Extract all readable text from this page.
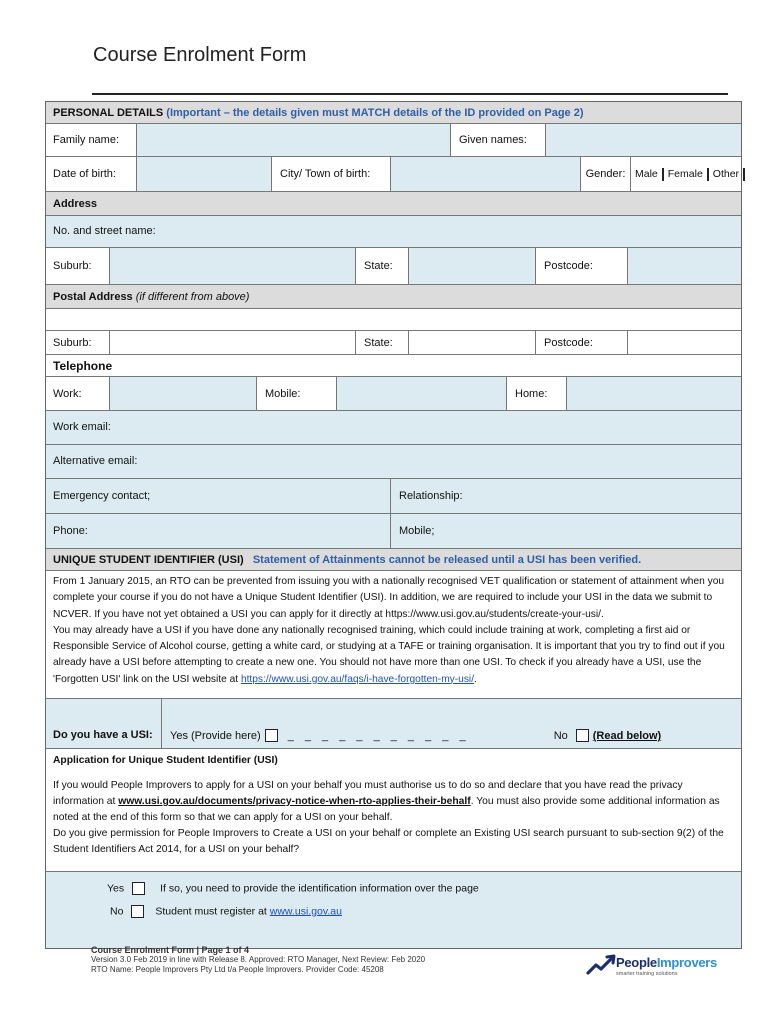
Course Enrolment Form
PERSONAL DETAILS
(Important – the details given must MATCH details of the ID provided on Page 2)
Family name:	Given names:
Date of birth:	City/ Town of birth:	Gender: Male Female Other
Address
No. and street name:
Suburb:	State:	Postcode:
Postal Address
(if different from above)
Suburb:	State:	Postcode:
Telephone
Work:	Mobile:	Home:
Work email:
Alternative email:
Emergency contact;	Relationship:
Phone:	Mobile;
UNIQUE STUDENT IDENTIFIER (USI)
Statement of Attainments cannot be released until a USI has been verified.
From 1 January 2015, an RTO can be prevented from issuing you with a nationally recognised VET qualification or statement of attainment when you complete your course if you do not have a Unique Student Identifier (USI). In addition, we are required to include your USI in the data we submit to NCVER. If you have not yet obtained a USI you can apply for it directly at https://www.usi.gov.au/students/create-your-usi/.
You may already have a USI if you have done any nationally recognised training, which could include training at work, completing a first aid or Responsible Service of Alcohol course, getting a white card, or studying at a TAFE or training organisation. It is important that you try to find out if you already have a USI before attempting to create a new one. You should not have more than one USI. To check if you already have a USI, use the 'Forgotten USI' link on the USI website at https://www.usi.gov.au/faqs/i-have-forgotten-my-usi/.
Do you have a USI:	Yes (Provide here) _ _ _ _ _ _ _ _ _ _ _	No (Read below)
Application for Unique Student Identifier (USI)
If you would People Improvers to apply for a USI on your behalf you must authorise us to do so and declare that you have read the privacy information at www.usi.gov.au/documents/privacy-notice-when-rto-applies-their-behalf. You must also provide some additional information as noted at the end of this form so that we can apply for a USI on your behalf.
Do you give permission for People Improvers to Create a USI on your behalf or complete an Existing USI search pursuant to sub-section 9(2) of the Student Identifiers Act 2014, for a USI on your behalf?
Yes	If so, you need to provide the identification information over the page
No	Student must register at www.usi.gov.au
Course Enrolment Form | Page 1 of 4
Version 3.0 Feb 2019 in line with Release 8. Approved: RTO Manager, Next Review: Feb 2020
RTO Name: People Improvers Pty Ltd t/a People Improvers. Provider Code: 45208	PeopleImprovers
smarter training solutions
